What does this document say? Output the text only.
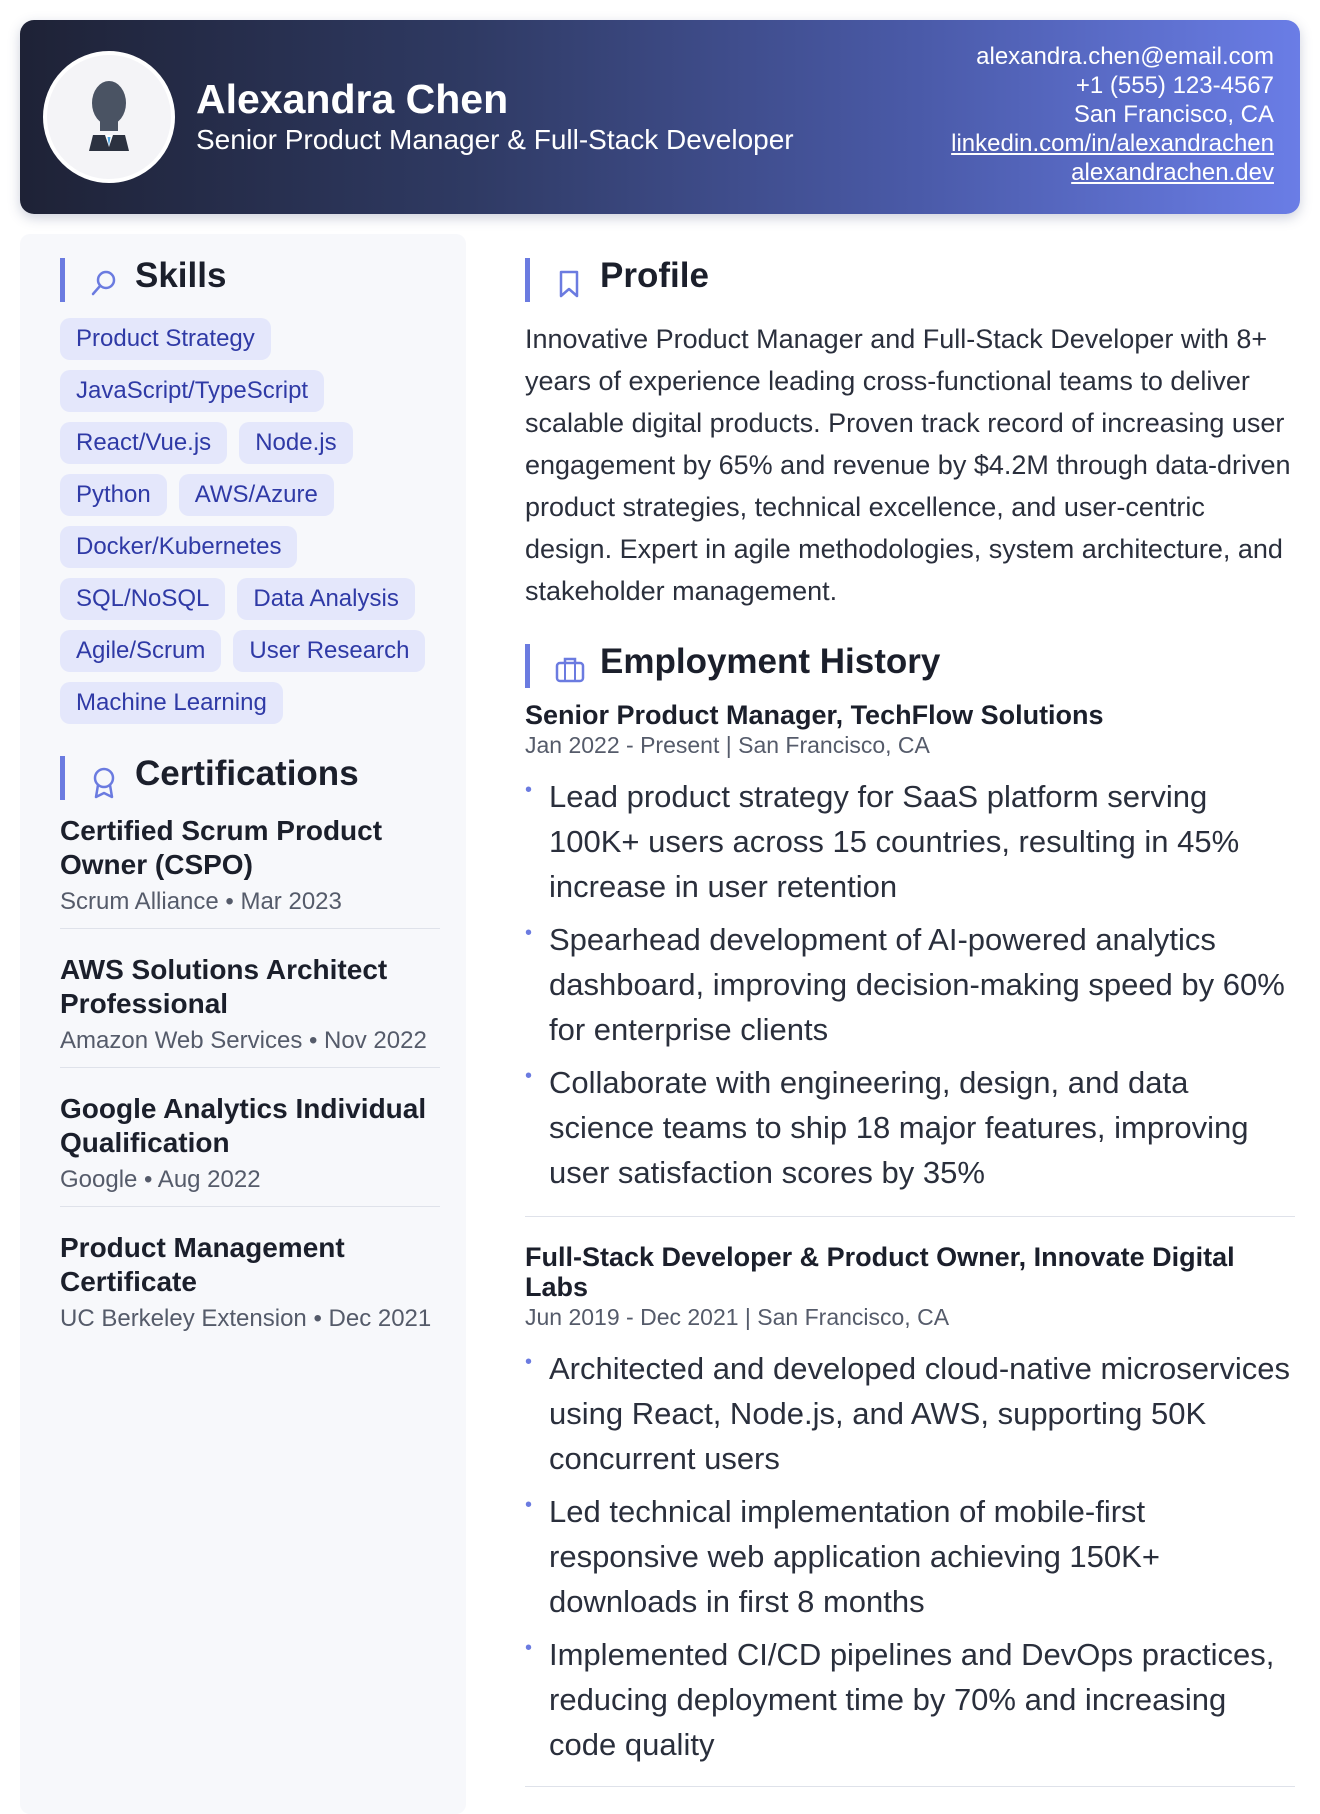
Alexandra Chen
Senior Product Manager & Full-Stack Developer
alexandra.chen@email.com
+1 (555) 123-4567
San Francisco, CA
linkedin.com/in/alexandrachen
alexandrachen.dev
Skills
Product Strategy
JavaScript/TypeScript
React/Vue.js	Node.js
Python	AWS/Azure
Docker/Kubernetes
SQL/NoSQL	Data Analysis
Agile/Scrum	User Research
Machine Learning
Certifications
Certified Scrum Product Owner (CSPO)
Scrum Alliance • Mar 2023
AWS Solutions Architect Professional
Amazon Web Services • Nov 2022
Google Analytics Individual Qualification
Google • Aug 2022
Product Management Certificate
UC Berkeley Extension • Dec 2021
Profile
Innovative Product Manager and Full-Stack Developer with 8+ years of experience leading cross-functional teams to deliver scalable digital products. Proven track record of increasing user engagement by 65% and revenue by $4.2M through data-driven product strategies, technical excellence, and user-centric design. Expert in agile methodologies, system architecture, and stakeholder management.
Employment History
Senior Product Manager, TechFlow Solutions
Jan 2022 - Present | San Francisco, CA
• Lead product strategy for SaaS platform serving 100K+ users across 15 countries, resulting in 45% increase in user retention
• Spearhead development of AI-powered analytics dashboard, improving decision-making speed by 60% for enterprise clients
• Collaborate with engineering, design, and data science teams to ship 18 major features, improving user satisfaction scores by 35%
Full-Stack Developer & Product Owner, Innovate Digital Labs
Jun 2019 - Dec 2021 | San Francisco, CA
• Architected and developed cloud-native microservices using React, Node.js, and AWS, supporting 50K concurrent users
• Led technical implementation of mobile-first responsive web application achieving 150K+ downloads in first 8 months
• Implemented CI/CD pipelines and DevOps practices, reducing deployment time by 70% and increasing code quality
